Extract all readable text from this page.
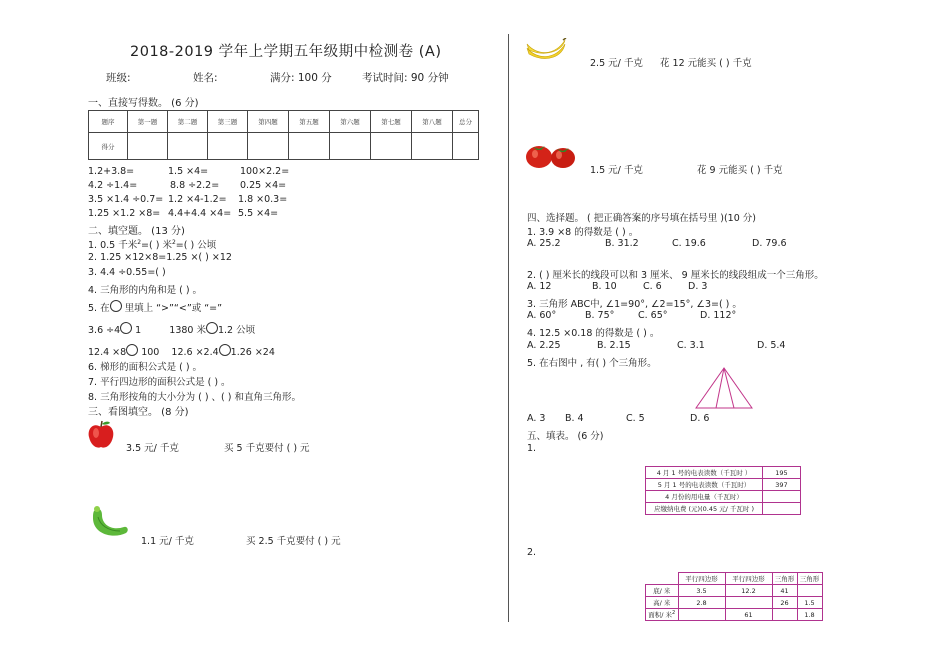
2018-2019 学年上学期五年级期中检测卷 (A)
班级:	姓名:	满分: 100 分	考试时间: 90 分钟
一、直接写得数。 (6 分)
题序	第一题	第二题	第三题	第四题	第五题	第六题	第七题	第八题	总分
得分									
1.2+3.8=	1.5 ×4=	100×2.2=
4.2 ÷1.4=	8.8 ÷2.2= 0.25 ×4=
3.5 ×1.4 ÷0.7= 1.2 ×4-1.2= 1.8 ×0.3=
1.25 ×1.2 ×8= 4.4+4.4 ×4= 5.5 ×4=
二、填空题。 (13 分)
1. 0.5 千米$^2$=( ) 米$^2$=( ) 公顷
2. 1.25 ×12×8=1.25 ×( ) ×12
3. 4.4 ÷0.55=( )
4. 三角形的内角和是 ( ) 。
5. 在 里填上 “>”“<”或 “=”
3.6 ÷4 1	1380 米 1.2 公顷
12.4 ×8 100 12.6 ×2.4 1.26 ×24
6. 梯形的面积公式是 ( ) 。
7. 平行四边形的面积公式是 ( ) 。
8. 三角形按角的大小分为 ( ) 、( ) 和直角三角形。
三、看图填空。 (8 分)
3.5 元/ 千克	买 5 千克要付 ( ) 元
1.1 元/ 千克	买 2.5 千克要付 ( ) 元
2.5 元/ 千克 花 12 元能买 ( ) 千克
1.5 元/ 千克	花 9 元能买 ( ) 千克
四、选择题。 ( 把正确答案的序号填在括号里 )(10 分)
1. 3.9 ×8 的得数是 ( ) 。
A. 25.2	B. 31.2	C. 19.6	D. 79.6
2. ( ) 厘米长的线段可以和 3 厘米、 9 厘米长的线段组成一个三角形。
A. 12	B. 10	C. 6	D. 3
3. 三角形 ABC中, ∠1=90°, ∠2=15°, ∠3=( ) 。
A. 60°	B. 75° C. 65°	D. 112°
4. 12.5 ×0.18 的得数是 ( ) 。
A. 2.25	B. 2.15	C. 3.1	D. 5.4
5. 在右图中 , 有( ) 个三角形。
A. 3 B. 4	C. 5	D. 6
五、填表。 (6 分)
1.
4 月 1 号的电表读数（千瓦时 ）	195
5 月 1 号的电表读数（千瓦时）	397
4 月份的用电量（千瓦时）	
应缴纳电费 (元)(0.45 元/ 千瓦时 )	
2.
	平行四边形	平行四边形	三角形	三角形
底/ 米	3.5	12.2	41	
高/ 米	2.8		26	1.5
面积/ 米$^2$		61		1.8
